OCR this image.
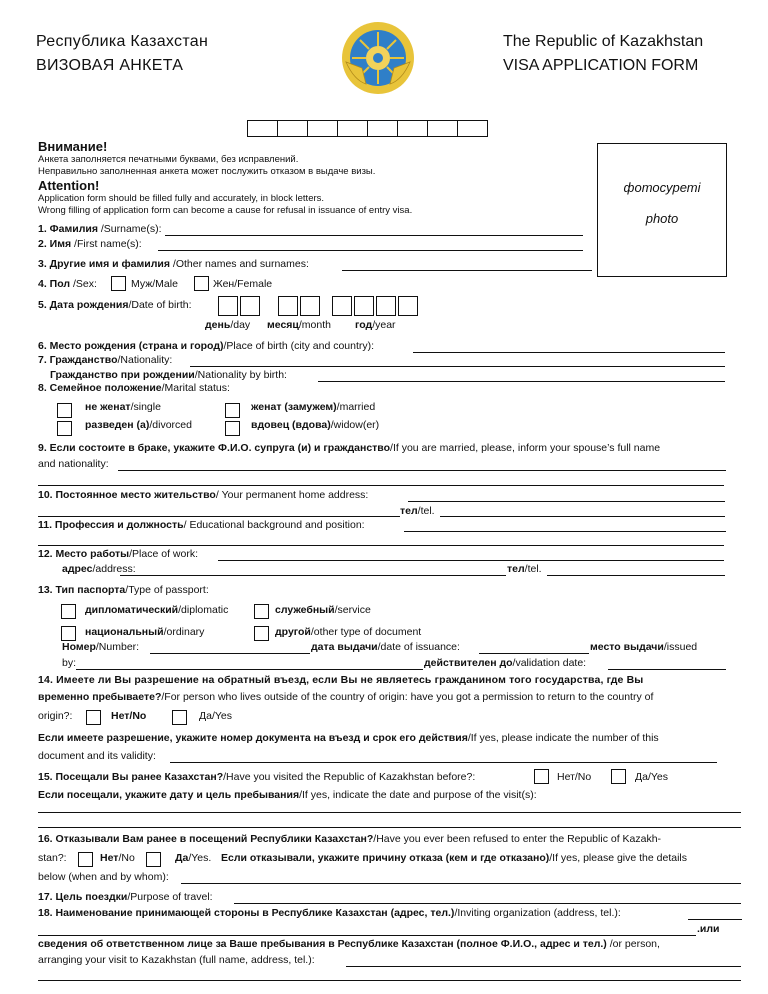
Республика Казахстан
ВИЗОВАЯ АНКЕТА
The Republic of Kazakhstan
VISA APPLICATION FORM
фотосуреті
photo
Внимание!
Анкета заполняется печатными буквами, без исправлений.
Неправильно заполненная анкета может послужить отказом в выдаче визы.
Attention!
Application form should be filled fully and accurately, in block letters.
Wrong filling of application form can become a cause for refusal in issuance of entry visa.
1. Фамилия /Surname(s):
2. Имя /First name(s):
3. Другие имя и фамилия /Other names and surnames:
4. Пол /Sex:	Муж/Male	Жен/Female
5. Дата рождения/Date of birth:
день/day месяц/month год/year
6. Место рождения (страна и город)/Place of birth (city and country):
7. Гражданство/Nationality:
Гражданство при рождении/Nationality by birth:
8. Семейное положение/Marital status:
не женат/single	женат (замужем)/married
разведен (а)/divorced	вдовец (вдова)/widow(er)
9. Если состоите в браке, укажите Ф.И.О. супруга (и) и гражданство/If you are married, please, inform your spouse’s full name
and nationality:
10. Постоянное место жительство/ Your permanent home address:
тел/tel.
11. Профессия и должность/ Educational background and position:
12. Место работы/Place of work:
адрес/address:	тел/tel.
13. Тип паспорта/Type of passport:
дипломатический/diplomatic	служебный/service
национальный/ordinary	другой/other type of document
Номер/Number:	дата выдачи/date of issuance:	место выдачи/issued
by:	действителен до/validation date:
14. Имеете ли Вы разрешение на обратный въезд, если Вы не являетесь гражданином того государства, где Вы
временно пребываете?/For person who lives outside of the country of origin: have you got a permission to return to the country of
origin?:	Нет/No	Да/Yes
Если имеете разрешение, укажите номер документа на въезд и срок его действия/If yes, please indicate the number of this
document and its validity:
15. Посещали Вы ранее Казахстан?/Have you visited the Republic of Kazakhstan before?:	Нет/No	Да/Yes
Если посещали, укажите дату и цель пребывания/If yes, indicate the date and purpose of the visit(s):
16. Отказывали Вам ранее в посещений Республики Казахстан?/Have you ever been refused to enter the Republic of Kazakh-
stan?:	Нет/No	Да/Yes. Если отказывали, укажите причину отказа (кем и где отказано)/If yes, please give the details
below (when and by whom):
17. Цель поездки/Purpose of travel:
18. Наименование принимающей стороны в Республике Казахстан (адрес, тел.)/Inviting organization (address, tel.):
.или
сведения об ответственном лице за Ваше пребывания в Республике Казахстан (полное Ф.И.О., адрес и тел.) /or person,
arranging your visit to Kazakhstan (full name, address, tel.):
